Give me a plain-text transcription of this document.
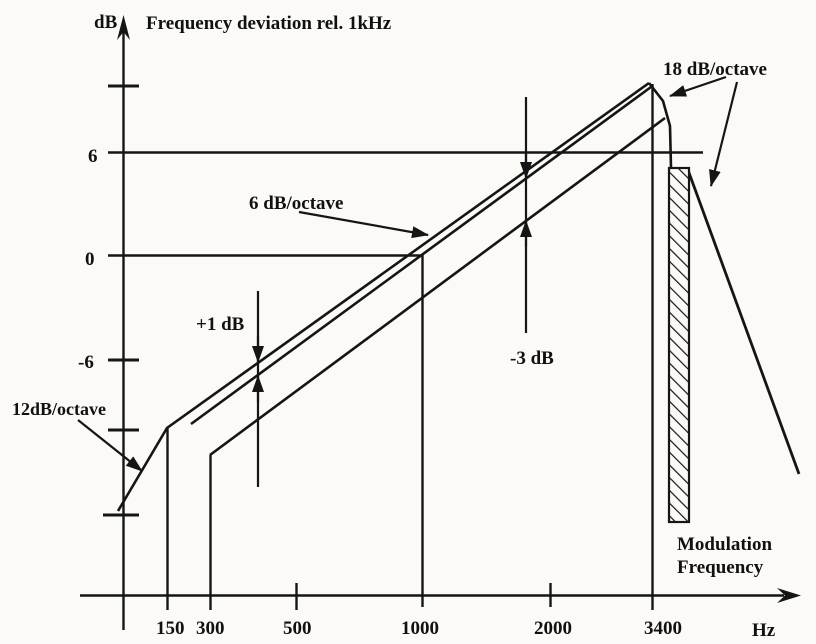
dB Frequency deviation rel. 1kHz
6
0
-6
12dB/octave
6 dB/octave
18 dB/octave
+1 dB
-3 dB
Modulation
Frequency
150 300	500	1000	2000	3400	Hz
